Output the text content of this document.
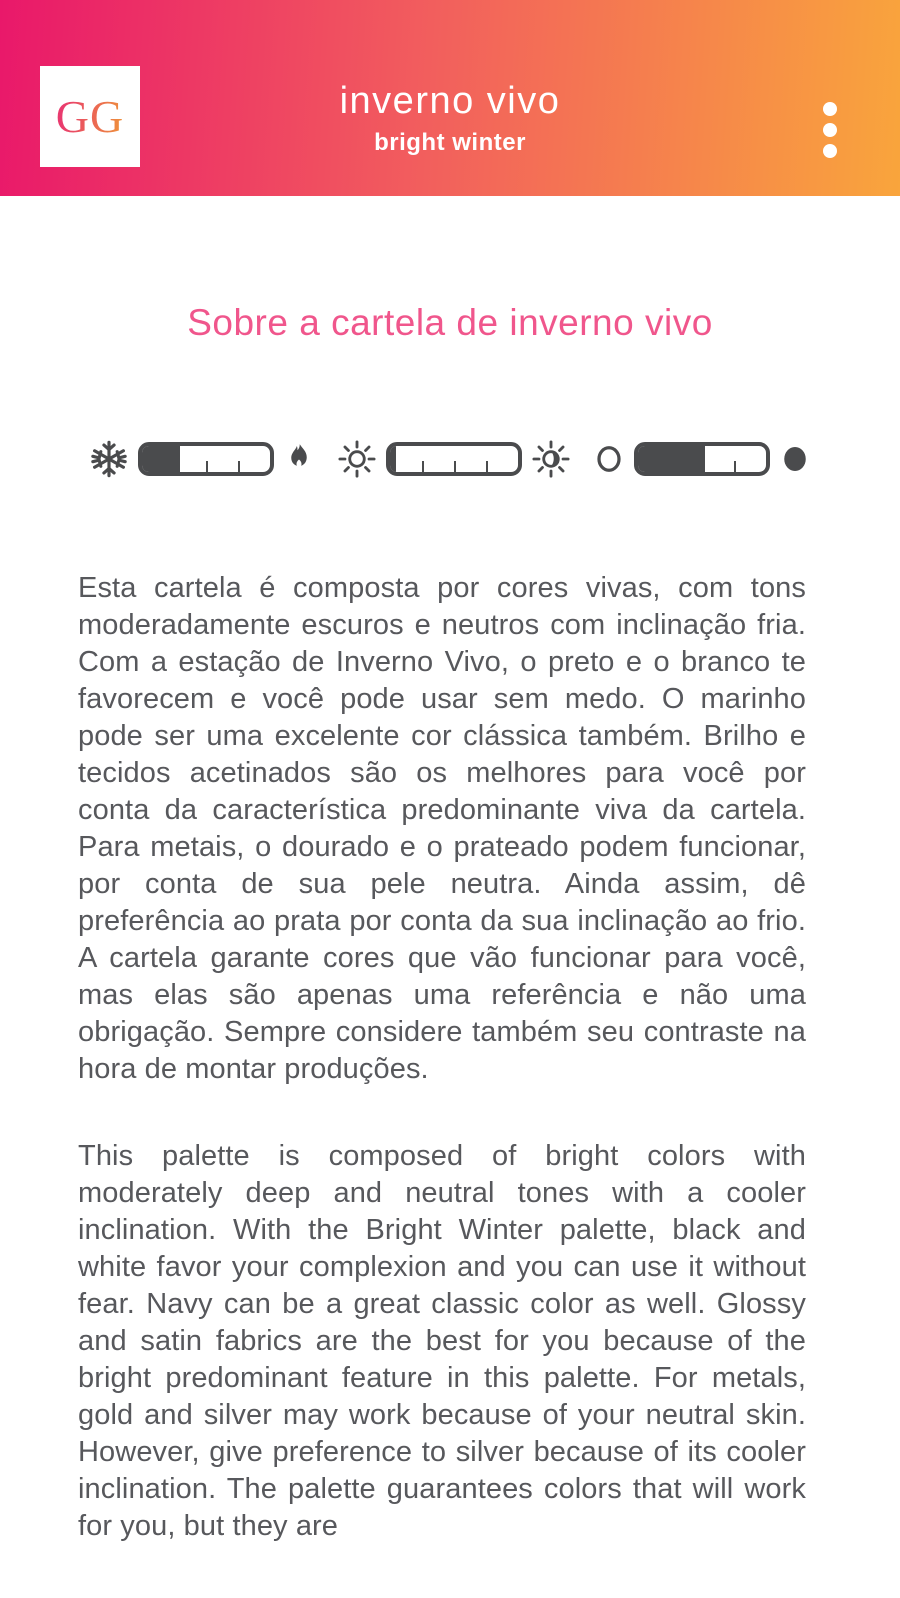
GG	inverno vivo
bright winter
Sobre a cartela de inverno vivo

Esta cartela é composta por cores vivas, com tons moderadamente escuros e neutros com inclinação fria. Com a estação de Inverno Vivo, o preto e o branco te favorecem e você pode usar sem medo. O marinho pode ser uma excelente cor clássica também. Brilho e tecidos acetinados são os melhores para você por conta da característica predominante viva da cartela. Para metais, o dourado e o prateado podem funcionar, por conta de sua pele neutra. Ainda assim, dê preferência ao prata por conta da sua inclinação ao frio. A cartela garante cores que vão funcionar para você, mas elas são apenas uma referência e não uma obrigação. Sempre considere também seu contraste na hora de montar produções.

This palette is composed of bright colors with moderately deep and neutral tones with a cooler inclination. With the Bright Winter palette, black and white favor your complexion and you can use it without fear. Navy can be a great classic color as well. Glossy and satin fabrics are the best for you because of the bright predominant feature in this palette. For metals, gold and silver may work because of your neutral skin. However, give preference to silver because of its cooler inclination. The palette guarantees colors that will work for you, but they are
